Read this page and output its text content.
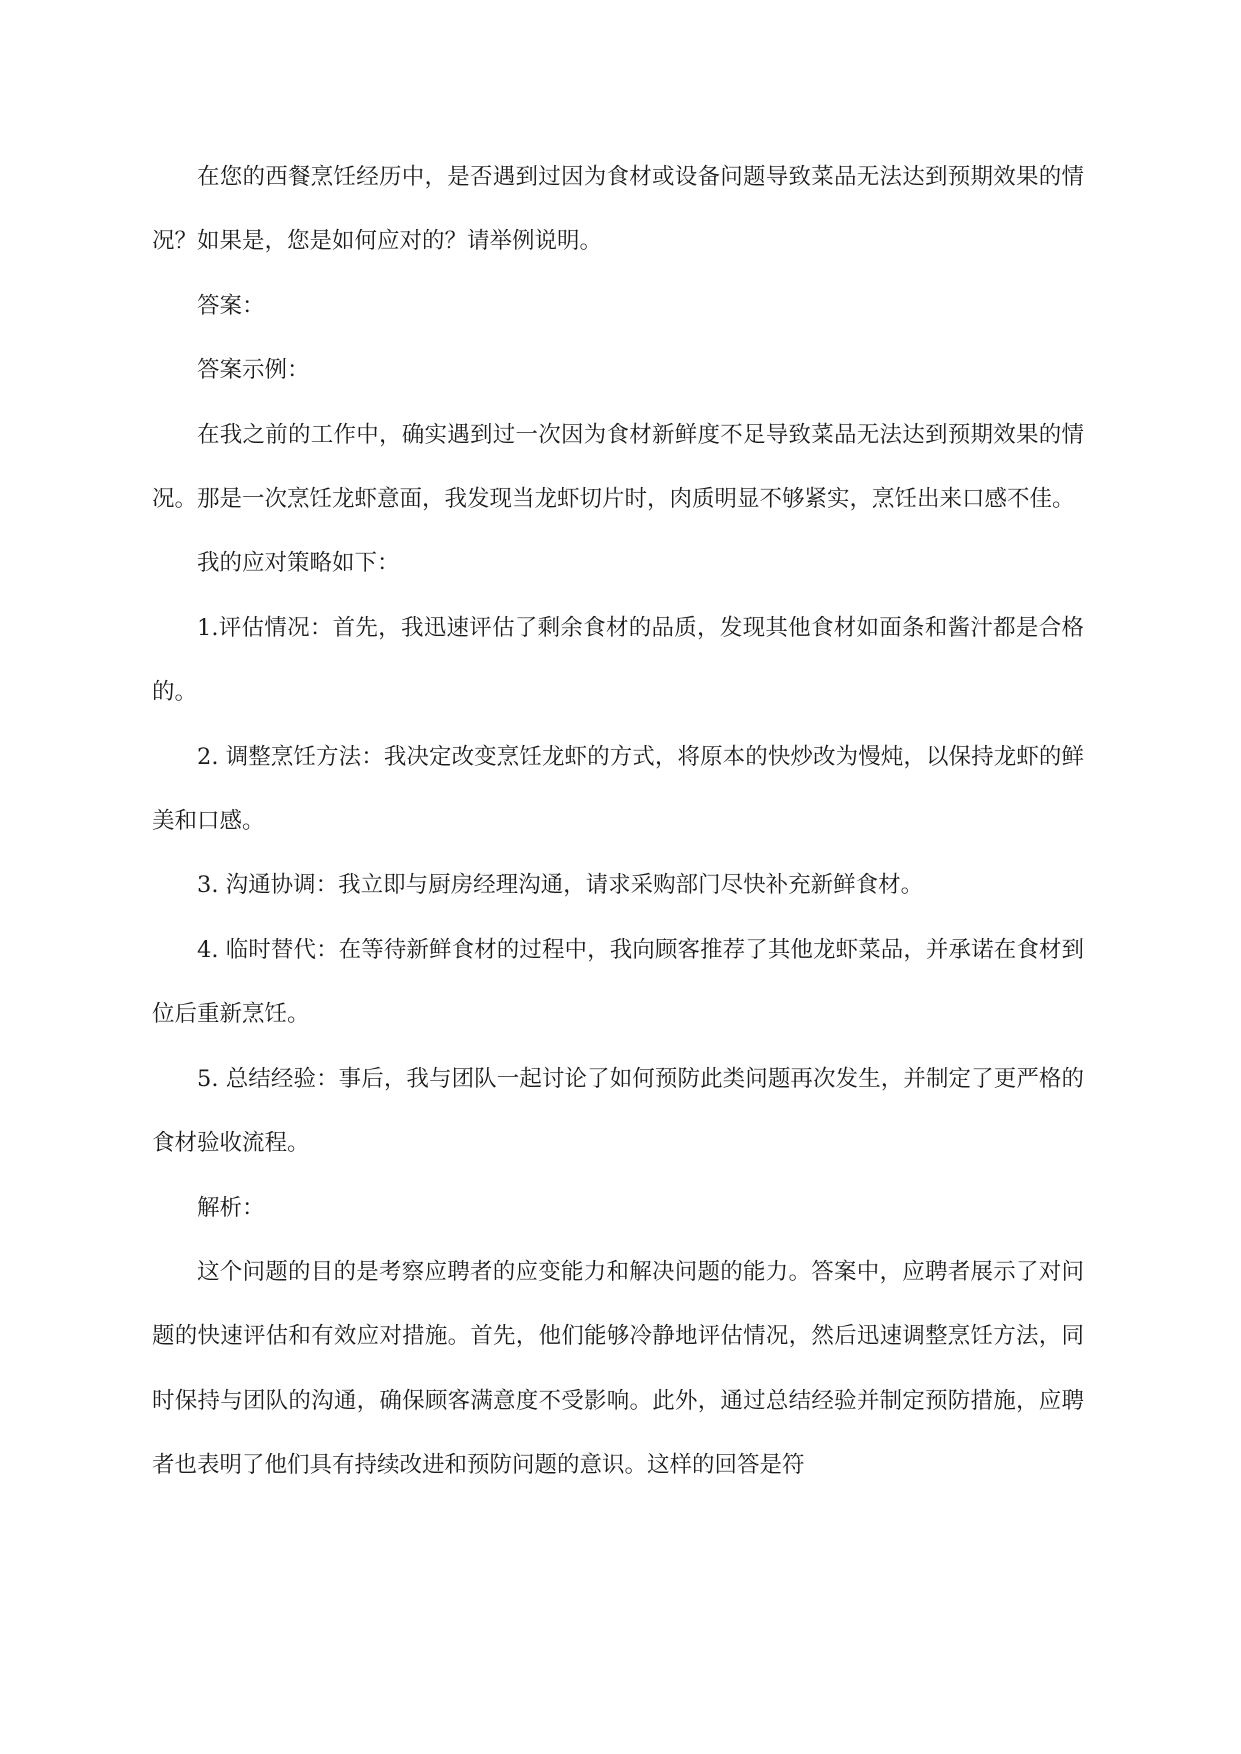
在您的西餐烹饪经历中，是否遇到过因为食材或设备问题导致菜品无法达到预期效果的情况？如果是，您是如何应对的？请举例说明。

答案：

答案示例：

在我之前的工作中，确实遇到过一次因为食材新鲜度不足导致菜品无法达到预期效果的情况。那是一次烹饪龙虾意面，我发现当龙虾切片时，肉质明显不够紧实，烹饪出来口感不佳。

我的应对策略如下：

1.评估情况：首先，我迅速评估了剩余食材的品质，发现其他食材如面条和酱汁都是合格的。

2. 调整烹饪方法：我决定改变烹饪龙虾的方式，将原本的快炒改为慢炖，以保持龙虾的鲜美和口感。

3. 沟通协调：我立即与厨房经理沟通，请求采购部门尽快补充新鲜食材。

4. 临时替代：在等待新鲜食材的过程中，我向顾客推荐了其他龙虾菜品，并承诺在食材到位后重新烹饪。

5. 总结经验：事后，我与团队一起讨论了如何预防此类问题再次发生，并制定了更严格的食材验收流程。

解析：

这个问题的目的是考察应聘者的应变能力和解决问题的能力。答案中，应聘者展示了对问题的快速评估和有效应对措施。首先，他们能够冷静地评估情况，然后迅速调整烹饪方法，同时保持与团队的沟通，确保顾客满意度不受影响。此外，通过总结经验并制定预防措施，应聘者也表明了他们具有持续改进和预防问题的意识。这样的回答是符
